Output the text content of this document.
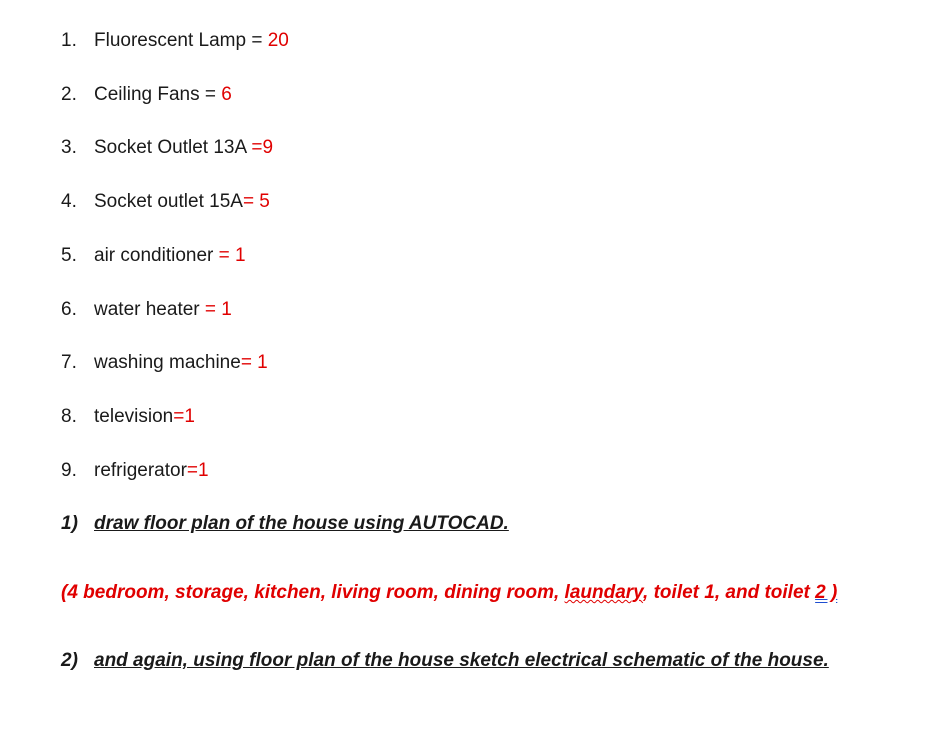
1. Fluorescent Lamp = 20
2. Ceiling Fans = 6
3. Socket Outlet 13A =9
4. Socket outlet 15A= 5
5. air conditioner = 1
6. water heater = 1
7. washing machine= 1
8. television=1
9. refrigerator=1
1) draw floor plan of the house using AUTOCAD.
(4 bedroom, storage, kitchen, living room, dining room, laundary, toilet 1, and toilet 2 )
2) and again, using floor plan of the house sketch electrical schematic of the house.
